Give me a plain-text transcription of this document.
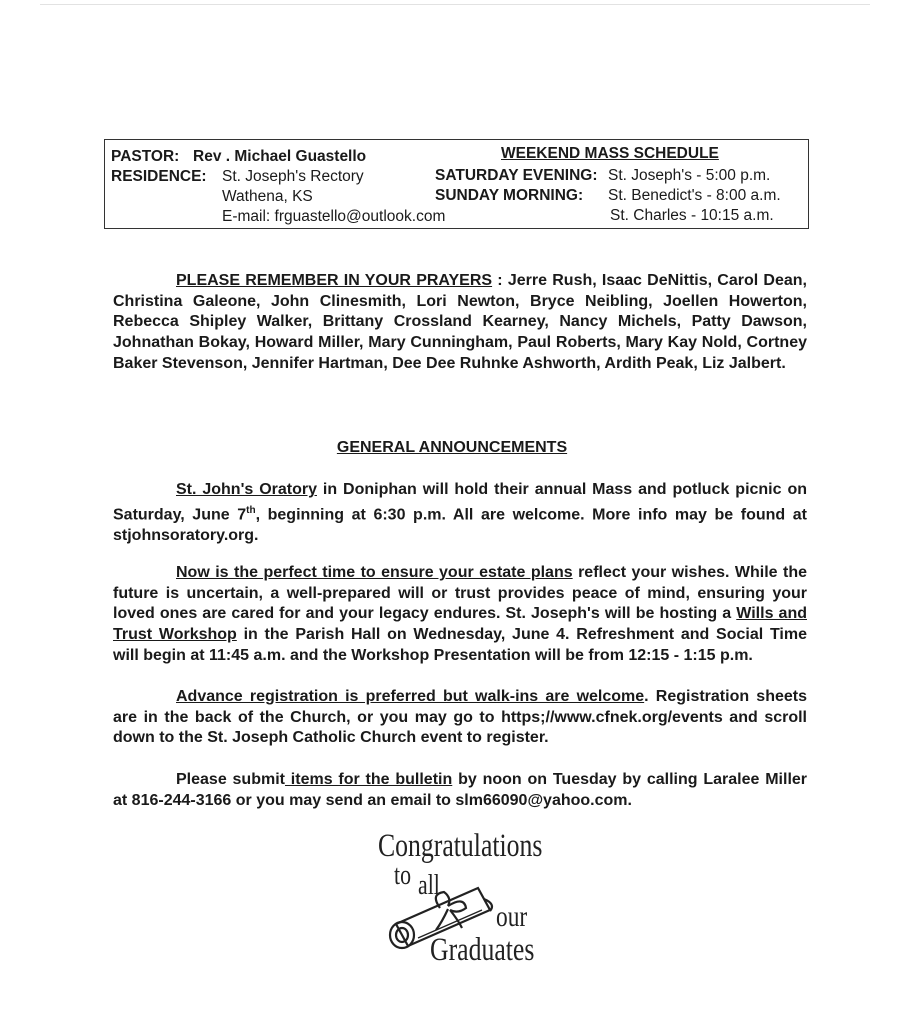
PASTOR: Rev . Michael Guastello
RESIDENCE: St. Joseph's Rectory
Wathena, KS
E-mail: frguastello@outlook.com
WEEKEND MASS SCHEDULE
SATURDAY EVENING: St. Joseph's - 5:00 p.m.
SUNDAY MORNING: St. Benedict's - 8:00 a.m.
St. Charles - 10:15 a.m.

PLEASE REMEMBER IN YOUR PRAYERS : Jerre Rush, Isaac DeNittis, Carol Dean, Christina Galeone, John Clinesmith, Lori Newton, Bryce Neibling, Joellen Howerton, Rebecca Shipley Walker, Brittany Crossland Kearney, Nancy Michels, Patty Dawson, Johnathan Bokay, Howard Miller, Mary Cunningham, Paul Roberts, Mary Kay Nold, Cortney Baker Stevenson, Jennifer Hartman, Dee Dee Ruhnke Ashworth, Ardith Peak, Liz Jalbert.

GENERAL ANNOUNCEMENTS

St. John's Oratory in Doniphan will hold their annual Mass and potluck picnic on Saturday, June 7th, beginning at 6:30 p.m. All are welcome. More info may be found at stjohnsoratory.org.

Now is the perfect time to ensure your estate plans reflect your wishes. While the future is uncertain, a well-prepared will or trust provides peace of mind, ensuring your loved ones are cared for and your legacy endures. St. Joseph's will be hosting a Wills and Trust Workshop in the Parish Hall on Wednesday, June 4. Refreshment and Social Time will begin at 11:45 a.m. and the Workshop Presentation will be from 12:15 - 1:15 p.m.

Advance registration is preferred but walk-ins are welcome. Registration sheets are in the back of the Church, or you may go to https;//www.cfnek.org/events and scroll down to the St. Joseph Catholic Church event to register.

Please submit items for the bulletin by noon on Tuesday by calling Laralee Miller at 816-244-3166 or you may send an email to slm66090@yahoo.com.

Congratulations
to all
our
Graduates
